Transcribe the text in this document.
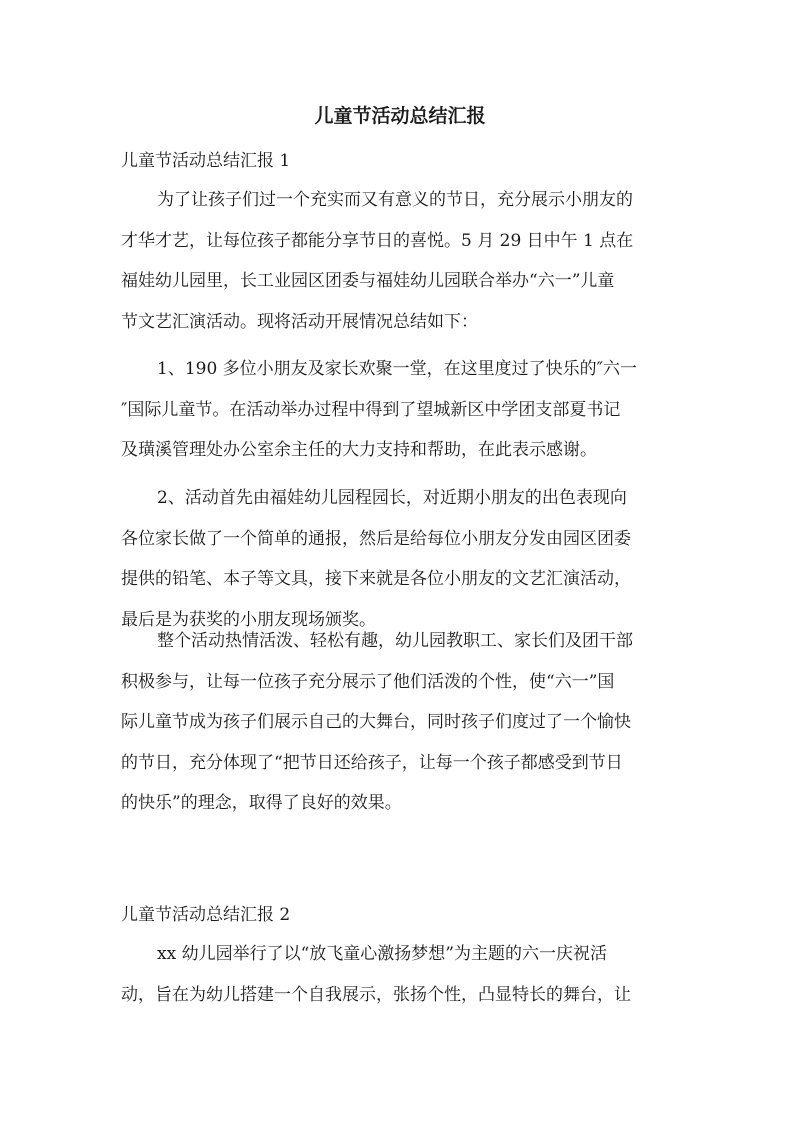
儿童节活动总结汇报

儿童节活动总结汇报 1

为了让孩子们过一个充实而又有意义的节日，充分展示小朋友的
才华才艺，让每位孩子都能分享节日的喜悦。5 月 29 日中午 1 点在
福娃幼儿园里，长工业园区团委与福娃幼儿园联合举办“六一”儿童
节文艺汇演活动。现将活动开展情况总结如下：

1、190 多位小朋友及家长欢聚一堂，在这里度过了快乐的″六一
″国际儿童节。在活动举办过程中得到了望城新区中学团支部夏书记
及璜溪管理处办公室余主任的大力支持和帮助，在此表示感谢。

2、活动首先由福娃幼儿园程园长，对近期小朋友的出色表现向
各位家长做了一个简单的通报，然后是给每位小朋友分发由园区团委
提供的铅笔、本子等文具，接下来就是各位小朋友的文艺汇演活动，
最后是为获奖的小朋友现场颁奖。

整个活动热情活泼、轻松有趣，幼儿园教职工、家长们及团干部
积极参与，让每一位孩子充分展示了他们活泼的个性，使“六一”国
际儿童节成为孩子们展示自己的大舞台，同时孩子们度过了一个愉快
的节日，充分体现了“把节日还给孩子，让每一个孩子都感受到节日
的快乐”的理念，取得了良好的效果。

儿童节活动总结汇报 2

xx 幼儿园举行了以“放飞童心激扬梦想”为主题的六一庆祝活
动，旨在为幼儿搭建一个自我展示，张扬个性，凸显特长的舞台，让
